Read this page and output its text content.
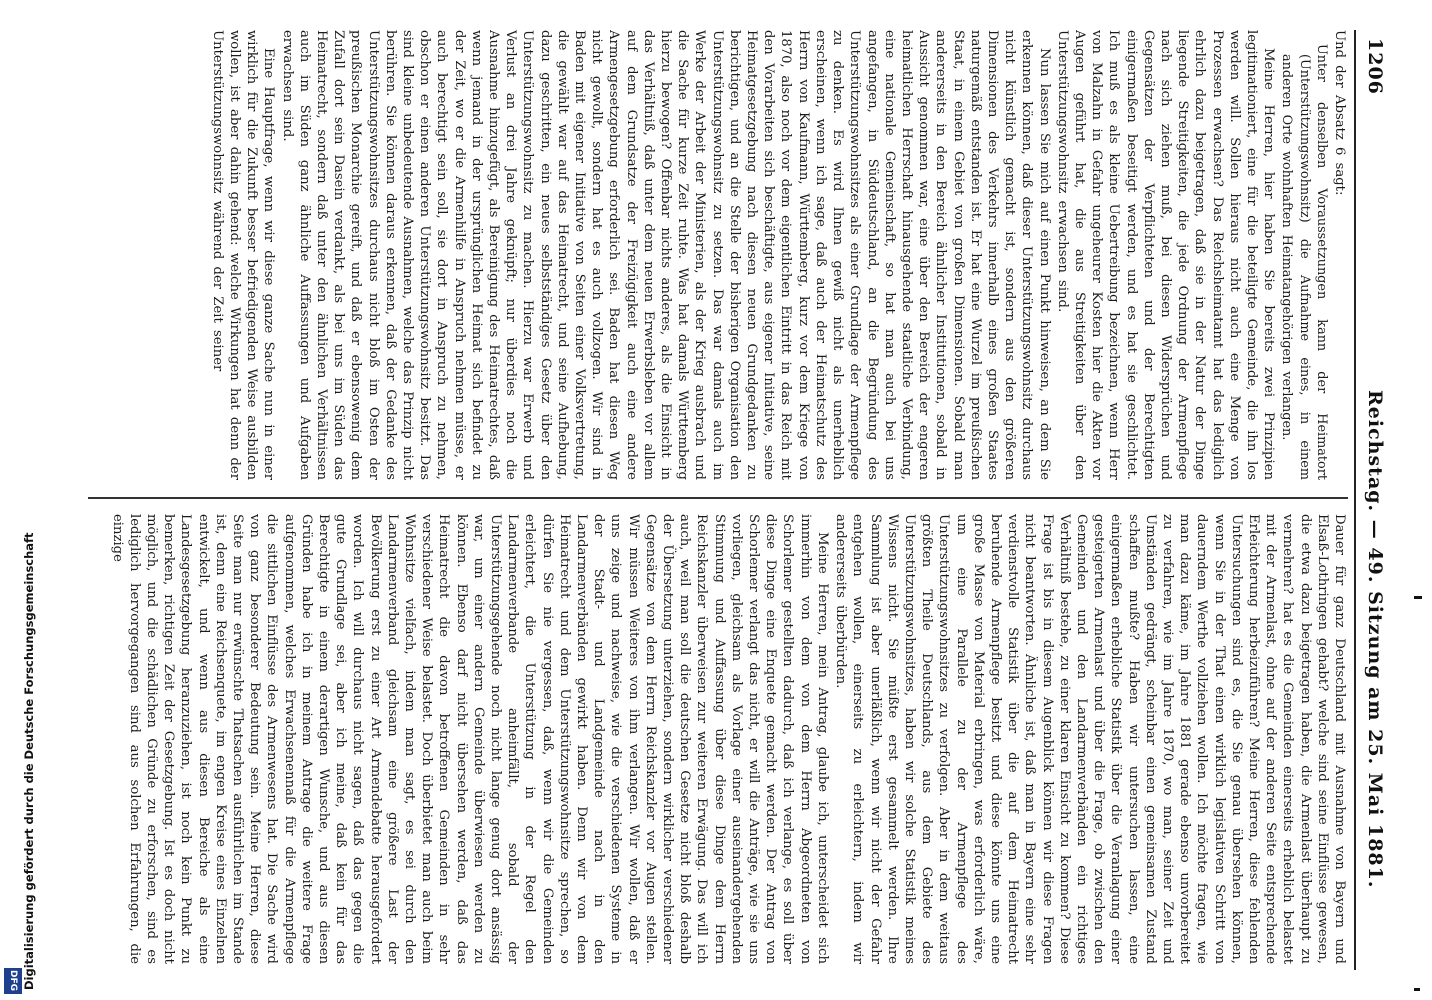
Digitalisierung gefördert durch die Deutsche Forschungsgemeinschaft
DFG
1206
Reichstag. — 49. Sitzung am 25. Mai 1881.

Und der Absatz 6 sagt:

Unter denselben Voraussetzungen kann der Heimatort (Unterstützungswohnsitz) die Aufnahme eines, in einem anderen Orte wohnhaften Heimatangehörigen verlangen.

Meine Herren, hier haben Sie bereits zwei Prinzipien legitimationiert, eine für die beteiligte Gemeinde, die ihn los werden will. Sollen hieraus nicht auch eine Menge von Prozessen erwachsen? Das Reichsheimatamt hat das lediglich ehrlich dazu beigetragen, daß sie in der Natur der Dinge liegende Streitigkeiten, die jede Ordnung der Armenpflege nach sich ziehen muß, bei diesen Widersprüchen und Gegensätzen der Verpflichteten und der Berechtigten einigermaßen beseitigt werden, und es hat sie geschlichtet. Ich muß es als kleine Uebertreibung bezeichnen, wenn Herr von Malzahn in Gefahr ungeheurer Kosten hier die Akten vor Augen geführt hat, die aus Streitigkeiten über den Unterstützungswohnsitz erwachsen sind.

Nun lassen Sie mich auf einen Punkt hinweisen, an dem Sie erkennen können, daß dieser Unterstützungswohnsitz durchaus nicht künstlich gemacht ist, sondern aus den größeren Dimensionen des Verkehrs innerhalb eines großen Staates naturgemäß entstanden ist. Er hat eine Wurzel im preußischen Staat, in einem Gebiet von großen Dimensionen. Sobald man andererseits in den Bereich ähnlicher Institutionen, sobald in Aussicht genommen war, eine über den Bereich der engeren heimatlichen Herrschaft hinausgehende staatliche Verbindung, eine nationale Gemeinschaft, so hat man auch bei uns angefangen, in Süddeutschland, an die Begründung des Unterstützungswohnsitzes als einer Grundlage der Armenpflege zu denken. Es wird Ihnen gewiß nicht als unerheblich erscheinen, wenn ich sage, daß auch der Heimatschutz des Herrn von Kaufmann, Württemberg, kurz vor dem Kriege von 1870, also noch vor dem eigentlichen Eintritt in das Reich mit den Vorarbeiten sich beschäftigte, aus eigener Initiative, seine Heimatgesetzgebung nach diesen neuen Grundgedanken zu berichtigen, und an die Stelle der bisherigen Organisation den Unterstützungswohnsitz zu setzen. Das war damals auch im Werke der Arbeit der Ministerien, als der Krieg ausbrach und die Sache für kurze Zeit ruhte. Was hat damals Württemberg hierzu bewogen? Offenbar nichts anderes, als die Einsicht in das Verhältniß, daß unter dem neuen Erwerbsleben vor allem auf dem Grundsatze der Freizügigkeit auch eine andere Armengesetzgebung erforderlich sei. Baden hat diesen Weg nicht gewollt, sondern hat es auch vollzogen. Wir sind in Baden mit eigener Initiative von Seiten einer Volksvertretung, die gewählt war auf das Heimatrecht, und seine Aufhebung, dazu geschritten, ein neues selbstständiges Gesetz über den Unterstützungswohnsitz zu machen. Hierzu war Erwerb und Verlust an drei Jahre geknüpft; nur überdies noch die Ausnahme hinzugefügt, als Bereinigung des Heimatrechtes, daß wenn jemand in der ursprünglichen Heimat sich befindet zu der Zeit, wo er die Armenhilfe in Anspruch nehmen müsse, er auch berechtigt sein soll, sie dort in Anspruch zu nehmen, obschon er einen anderen Unterstützungswohnsitz besitzt. Das sind kleine unbedeutende Ausnahmen, welche das Prinzip nicht berühren. Sie können daraus erkennen, daß der Gedanke des Unterstützungswohnsitzes durchaus nicht bloß im Osten der preußischen Monarchie gereift, und daß er ebensowenig dem Zufall dort sein Dasein verdankt, als bei uns im Süden das Heimatrecht, sondern daß unter den ähnlichen Verhältnissen auch im Süden ganz ähnliche Auffassungen und Aufgaben erwachsen sind.

Eine Hauptfrage, wenn wir diese ganze Sache nun in einer wirklich für die Zukunft besser befriedigenden Weise ausbilden wollen, ist aber dahin gehend: welche Wirkungen hat denn der Unterstützungswohnsitz während der Zeit seiner

Dauer für ganz Deutschland mit Ausnahme von Bayern und Elsaß-Lothringen gehabt? welche sind seine Einflüsse gewesen, die etwa dazu beigetragen haben, die Armenlast überhaupt zu vermehren? hat es die Gemeinden einerseits erheblich belastet mit der Armenlast, ohne auf der anderen Seite entsprechende Erleichterung herbeizuführen? Meine Herren, diese fehlenden Untersuchungen sind es, die Sie genau übersehen können, wenn Sie in der That einen wirklich legislativen Schritt von dauerndem Werthe vollziehen wollen. Ich möchte fragen, wie man dazu käme, im Jahre 1881 gerade ebenso unvorbereitet zu verfahren, wie im Jahre 1870, wo man, seiner Zeit und Umständen gedrängt, scheinbar einen gemeinsamen Zustand schaffen mußte? Haben wir untersuchen lassen, eine einigermaßen erhebliche Statistik über die Veranlagung einer gesteigerten Armenlast und über die Frage, ob zwischen den Gemeinden und den Landarmenverbänden ein richtiges Verhältniß bestehe, zu einer klaren Einsicht zu kommen? Diese Frage ist bis in diesem Augenblick können wir diese Fragen nicht beantworten. Ähnliche ist, daß man in Bayern eine sehr verdienstvolle Statistik über die auf dem Heimatrecht beruhende Armenpflege besitzt und diese könnte uns eine große Masse von Material erbringen, was erforderlich wäre, um eine Parallele zu der Armenpflege des Unterstützungswohnsitzes zu verfolgen. Aber in dem weitaus größten Theile Deutschlands, aus dem Gebiete des Unterstützungswohnsitzes, haben wir solche Statistik meines Wissens nicht. Sie müßte erst gesammelt werden. Ihre Sammlung ist aber unerläßlich, wenn wir nicht der Gefahr entgehen wollen, einerseits zu erleichtern, indem wir andererseits überbürden.

Meine Herren, mein Antrag, glaube ich, unterscheidet sich immerhin von dem von dem Herrn Abgeordneten von Schorlemer gestellten dadurch, daß ich verlange, es soll über diese Dinge eine Enquete gemacht werden. Der Antrag von Schorlemer verlangt das nicht, er will die Anträge, wie sie uns vorliegen, gleichsam als Vorlage einer auseinandergehenden Stimmung und Auffassung über diese Dinge dem Herrn Reichskanzler überweisen zur weiteren Erwägung. Das will ich auch, weil man soll die deutschen Gesetze nicht bloß deshalb der Übersetzung unterziehen, sondern wirklicher verschiedener Gegensätze von dem Herrn Reichskanzler vor Augen stellen. Wir müssen Weiteres von ihm verlangen. Wir wollen, daß er uns zeige und nachweise, wie die verschiedenen Systeme in der Stadt- und Landgemeinde nach in den Landarmenverbänden gewirkt haben. Denn wir von dem Heimatrecht und dem Unterstützungswohnsitze sprechen, so dürfen Sie nie vergessen, daß, wenn wir die Gemeinden erleichtert, die Unterstützung in der Regel den Landarmenverbande anheimfällt, sobald der Unterstützungsgehende noch nicht lange genug dort ansässig war, um einer andern Gemeinde überwiesen werden zu können. Ebenso darf nicht übersehen werden, daß das Heimatrecht die davon betroffenen Gemeinden in sehr verschiedener Weise belastet. Doch überbietet man auch beim Wohnsitze vielfach, indem man sagt, es sei durch den Landarmenverband gleichsam eine größere Last der Bevölkerung erst zu einer Art Armendebatte herausgefordert worden. Ich will durchaus nicht sagen, daß das gegen die gute Grundlage sei, aber ich meine, daß kein für das Berechtigte in einem derartigen Wunsche, und aus diesen Gründen habe ich in meinem Antrage die weitere Frage aufgenommen, welches Erwachsenennaß für die Armenpflege die sittlichen Einflüsse des Armenwesens hat. Die Sache wird von ganz besonderer Bedeutung sein. Meine Herren, diese Seite man nur erwünschte Thatsachen ausführlichen im Stande ist, denn eine Reichsenquete, im engen Kreise eines Einzelnen entwickelt, und wenn aus diesen Bereiche als eine Landesgesetzgebung heranzuziehen, ist noch kein Punkt zu bemerken, richtigen Zeit der Gesetzgebung. Ist es doch nicht möglich, und die schädlichen Gründe zu erforschen, sind es lediglich hervorgegangen sind aus solchen Erfahrungen, die einzige
